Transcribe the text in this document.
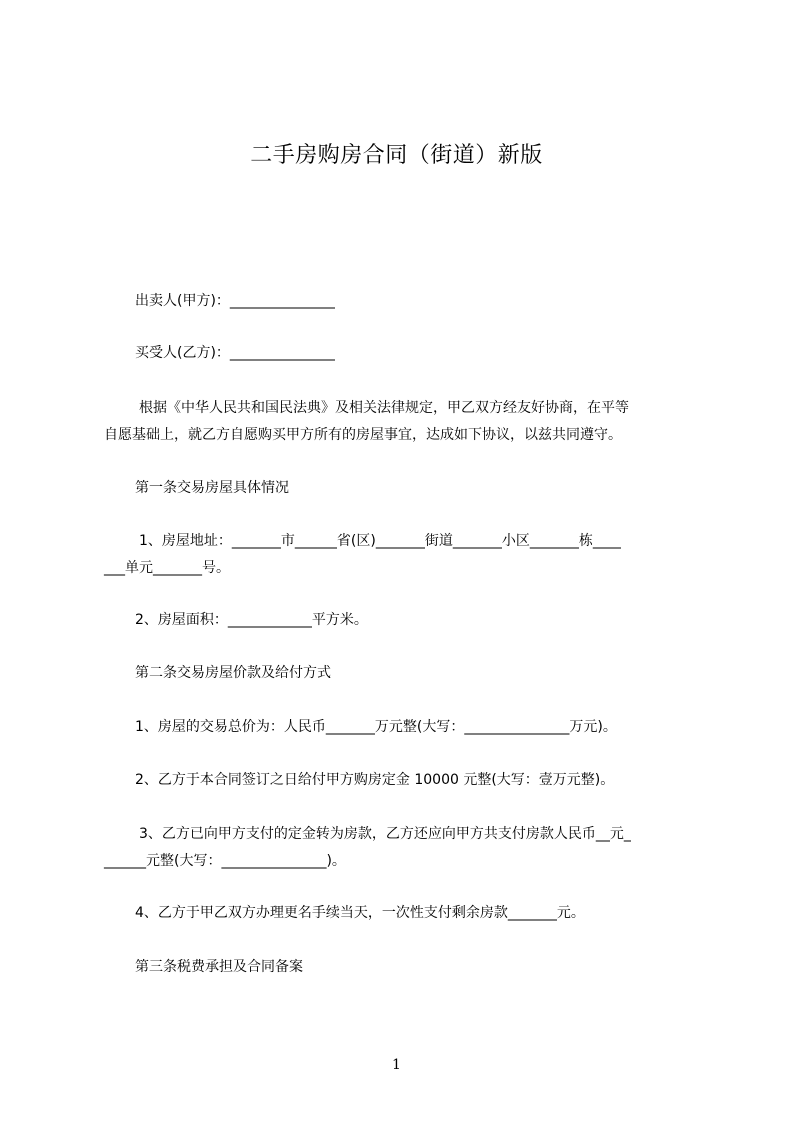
二手房购房合同（街道）新版
出卖人(甲方)：_______________
买受人(乙方)：_______________
根据《中华人民共和国民法典》及相关法律规定，甲乙双方经友好协商，在平等
自愿基础上，就乙方自愿购买甲方所有的房屋事宜，达成如下协议，以兹共同遵守。
第一条交易房屋具体情况
1、房屋地址：_______市______省(区)_______街道_______小区_______栋____
___单元_______号。
2、房屋面积：____________平方米。
第二条交易房屋价款及给付方式
1、房屋的交易总价为：人民币_______万元整(大写：_______________万元)。
2、乙方于本合同签订之日给付甲方购房定金 10000 元整(大写：壹万元整)。
3、乙方已向甲方支付的定金转为房款，乙方还应向甲方共支付房款人民币__元_
______元整(大写：_______________)。
4、乙方于甲乙双方办理更名手续当天，一次性支付剩余房款_______元。
第三条税费承担及合同备案
1
